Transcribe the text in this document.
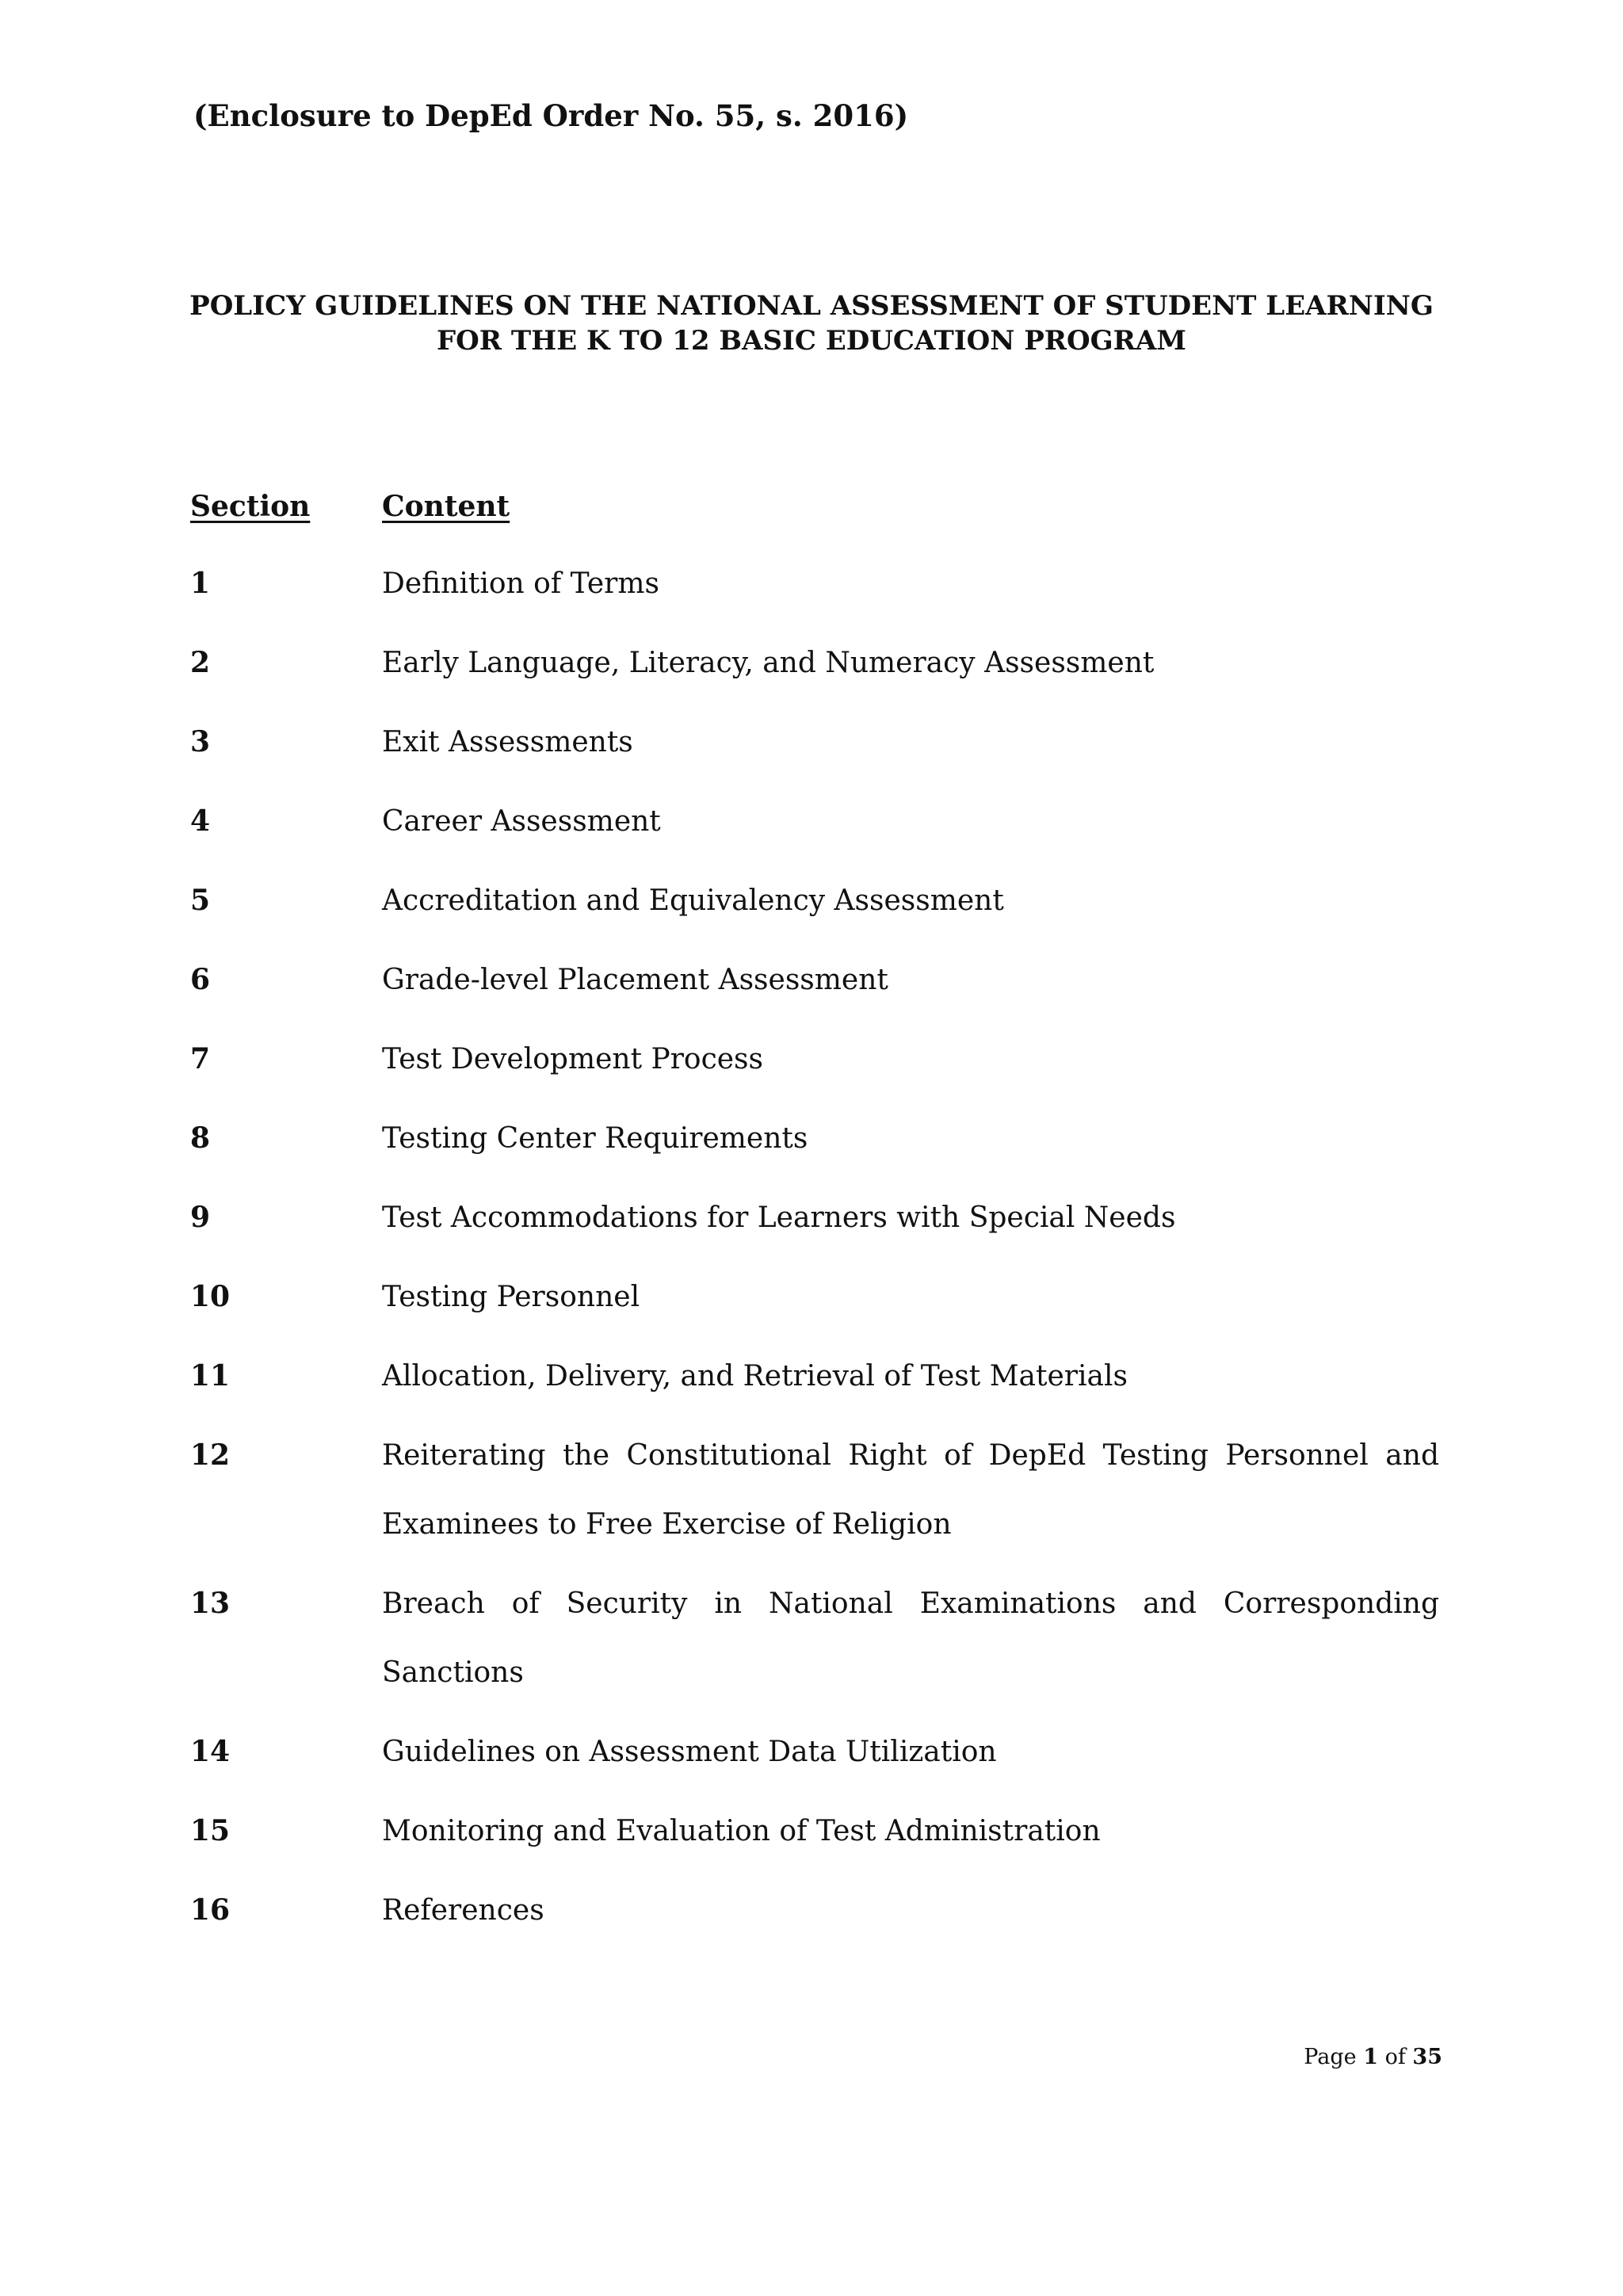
(Enclosure to DepEd Order No. 55, s. 2016)
POLICY GUIDELINES ON THE NATIONAL ASSESSMENT OF STUDENT LEARNING
FOR THE K TO 12 BASIC EDUCATION PROGRAM
Section	Content
1	Definition of Terms
2	Early Language, Literacy, and Numeracy Assessment
3	Exit Assessments
4	Career Assessment
5	Accreditation and Equivalency Assessment
6	Grade-level Placement Assessment
7	Test Development Process
8	Testing Center Requirements
9	Test Accommodations for Learners with Special Needs
10	Testing Personnel
11	Allocation, Delivery, and Retrieval of Test Materials
12	Reiterating the Constitutional Right of DepEd Testing Personnel and Examinees to Free Exercise of Religion
13	Breach of Security in National Examinations and Corresponding Sanctions
14	Guidelines on Assessment Data Utilization
15	Monitoring and Evaluation of Test Administration
16	References
Page 1 of 35
